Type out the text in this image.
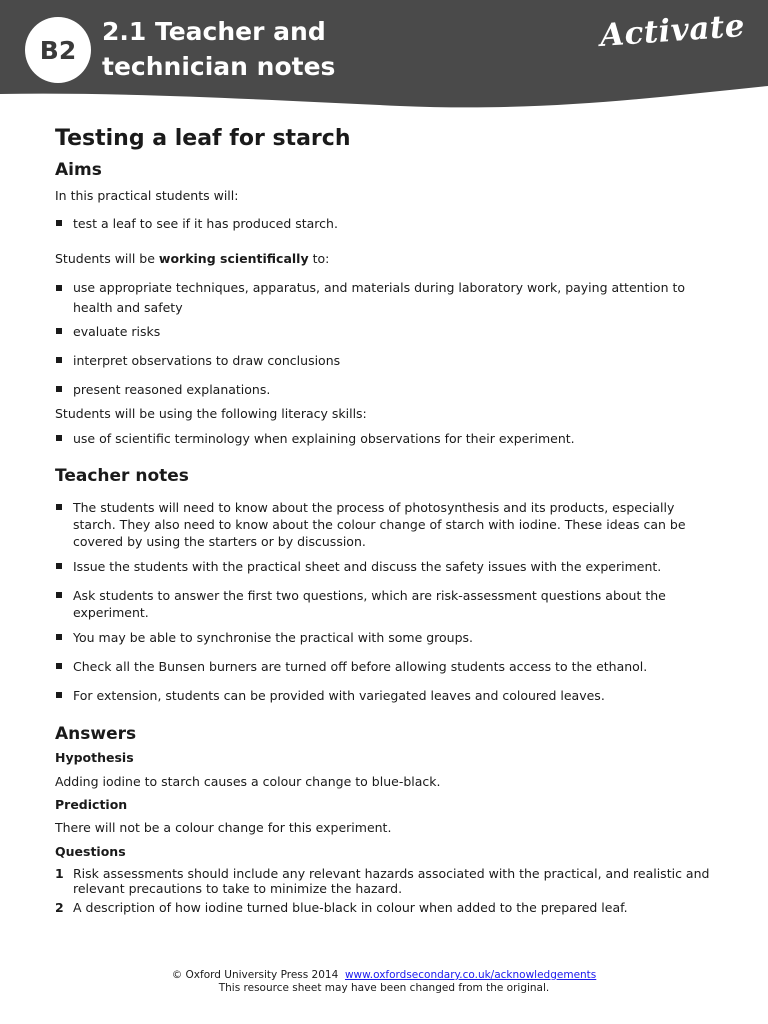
B2
2.1 Teacher and
technician notes
Activate
Testing a leaf for starch
Aims

In this practical students will:

test a leaf to see if it has produced starch.

Students will be working scientifically to:

use appropriate techniques, apparatus, and materials during laboratory work, paying attention to health and safety
evaluate risks
interpret observations to draw conclusions
present reasoned explanations.

Students will be using the following literacy skills:

use of scientific terminology when explaining observations for their experiment.
Teacher notes
The students will need to know about the process of photosynthesis and its products, especially starch. They also need to know about the colour change of starch with iodine. These ideas can be covered by using the starters or by discussion.
Issue the students with the practical sheet and discuss the safety issues with the experiment.
Ask students to answer the first two questions, which are risk-assessment questions about the experiment.
You may be able to synchronise the practical with some groups.
Check all the Bunsen burners are turned off before allowing students access to the ethanol.
For extension, students can be provided with variegated leaves and coloured leaves.
Answers

Hypothesis

Adding iodine to starch causes a colour change to blue-black.

Prediction

There will not be a colour change for this experiment.

Questions

1 Risk assessments should include any relevant hazards associated with the practical, and realistic and relevant precautions to take to minimize the hazard.
2 A description of how iodine turned blue-black in colour when added to the prepared leaf.
© Oxford University Press 2014 www.oxfordsecondary.co.uk/acknowledgements
This resource sheet may have been changed from the original.
